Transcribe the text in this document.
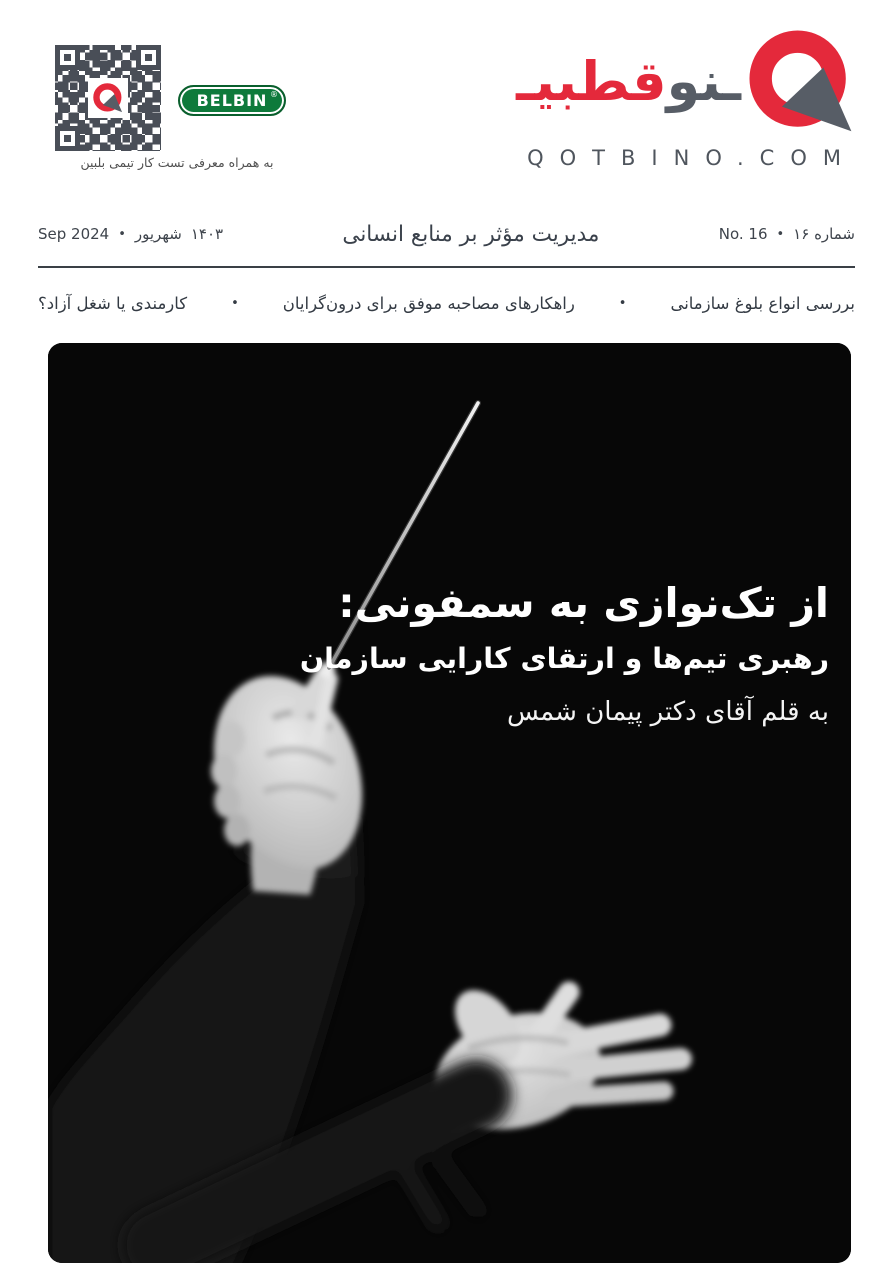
BELBIN ®
به همراه معرفی تست کار تیمی بلبین
ـنوقطبیـ
QOTBINO.COM
Sep 2024 • شهریور ۱۴۰۳	مدیریت مؤثر بر منابع انسانی	No. 16 • شماره ۱۶
بررسی انواع بلوغ سازمانی
•
راهکارهای مصاحبه موفق برای درون‌گرایان
•
کارمندی یا شغل آزاد؟
از تک‌نوازی به سمفونی:
رهبری تیم‌ها و ارتقای کارایی سازمان
به قلم آقای دکتر پیمان شمس
